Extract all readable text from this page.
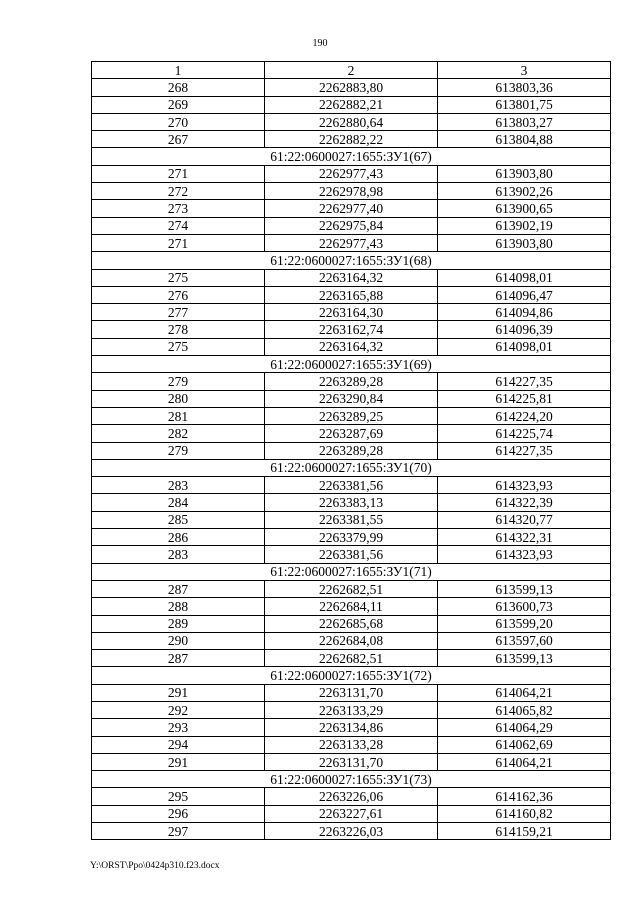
190
1	2	3
268	2262883,80	613803,36
269	2262882,21	613801,75
270	2262880,64	613803,27
267	2262882,22	613804,88
61:22:0600027:1655:ЗУ1(67)		
271	2262977,43	613903,80
272	2262978,98	613902,26
273	2262977,40	613900,65
274	2262975,84	613902,19
271	2262977,43	613903,80
61:22:0600027:1655:ЗУ1(68)		
275	2263164,32	614098,01
276	2263165,88	614096,47
277	2263164,30	614094,86
278	2263162,74	614096,39
275	2263164,32	614098,01
61:22:0600027:1655:ЗУ1(69)		
279	2263289,28	614227,35
280	2263290,84	614225,81
281	2263289,25	614224,20
282	2263287,69	614225,74
279	2263289,28	614227,35
61:22:0600027:1655:ЗУ1(70)		
283	2263381,56	614323,93
284	2263383,13	614322,39
285	2263381,55	614320,77
286	2263379,99	614322,31
283	2263381,56	614323,93
61:22:0600027:1655:ЗУ1(71)		
287	2262682,51	613599,13
288	2262684,11	613600,73
289	2262685,68	613599,20
290	2262684,08	613597,60
287	2262682,51	613599,13
61:22:0600027:1655:ЗУ1(72)		
291	2263131,70	614064,21
292	2263133,29	614065,82
293	2263134,86	614064,29
294	2263133,28	614062,69
291	2263131,70	614064,21
61:22:0600027:1655:ЗУ1(73)		
295	2263226,06	614162,36
296	2263227,61	614160,82
297	2263226,03	614159,21
Y:\ORST\Ppo\0424p310.f23.docx
